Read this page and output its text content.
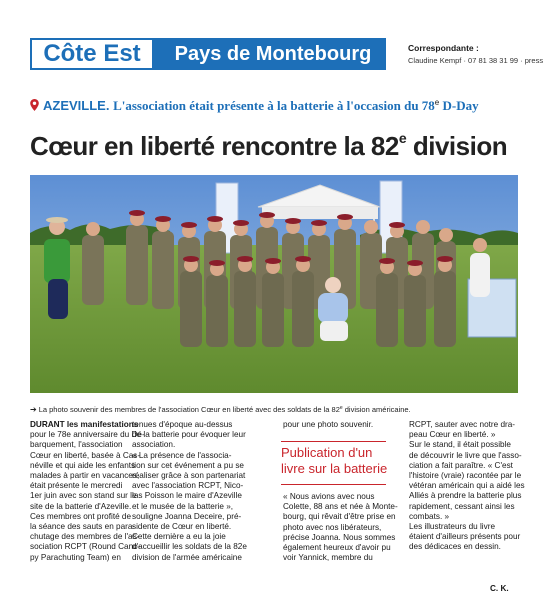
Côte Est	Pays de Montebourg	Correspondante :
Claudine Kempf · 07 81 38 31 99 · press
AZEVILLE. L'association était présente à la batterie à l'occasion du 78e D-Day
Cœur en liberté rencontre la 82e division
➔ La photo souvenir des membres de l'association Cœur en liberté avec des soldats de la 82e division américaine.
DURANT les manifestations
pour le 78e anniversaire du Dé-
barquement, l'association
Cœur en liberté, basée à Cas-
néville et qui aide les enfants
malades à partir en vacances,
était présente le mercredi
1er juin avec son stand sur le
site de la batterie d'Azeville.
Ces membres ont profité de
la séance des sauts en para-
chutage des membres de l'as-
sociation RCPT (Round Cano-
py Parachuting Team) en
tenues d'époque au-dessus
de la batterie pour évoquer leur
association.
« La présence de l'associa-
tion sur cet événement a pu se
réaliser grâce à son partenariat
avec l'association RCPT, Nico-
las Poisson le maire d'Azeville
et le musée de la batterie »,
souligne Joanna Deceire, pré-
sidente de Cœur en liberté.
Cette dernière a eu la joie
d'accueillir les soldats de la 82e
division de l'armée américaine
pour une photo souvenir.
Publication d'un livre sur la batterie
« Nous avions avec nous
Colette, 88 ans et née à Monte-
bourg, qui rêvait d'être prise en
photo avec nos libérateurs,
précise Joanna. Nous sommes
également heureux d'avoir pu
voir Yannick, membre du
RCPT, sauter avec notre dra-
peau Cœur en liberté. »
Sur le stand, il était possible
de découvrir le livre que l'asso-
ciation a fait paraître. « C'est
l'histoire (vraie) racontée par le
vétéran américain qui a aidé les
Alliés à prendre la batterie plus
rapidement, cessant ainsi les
combats. »
Les illustrateurs du livre
étaient d'ailleurs présents pour
des dédicaces en dessin.
C. K.
